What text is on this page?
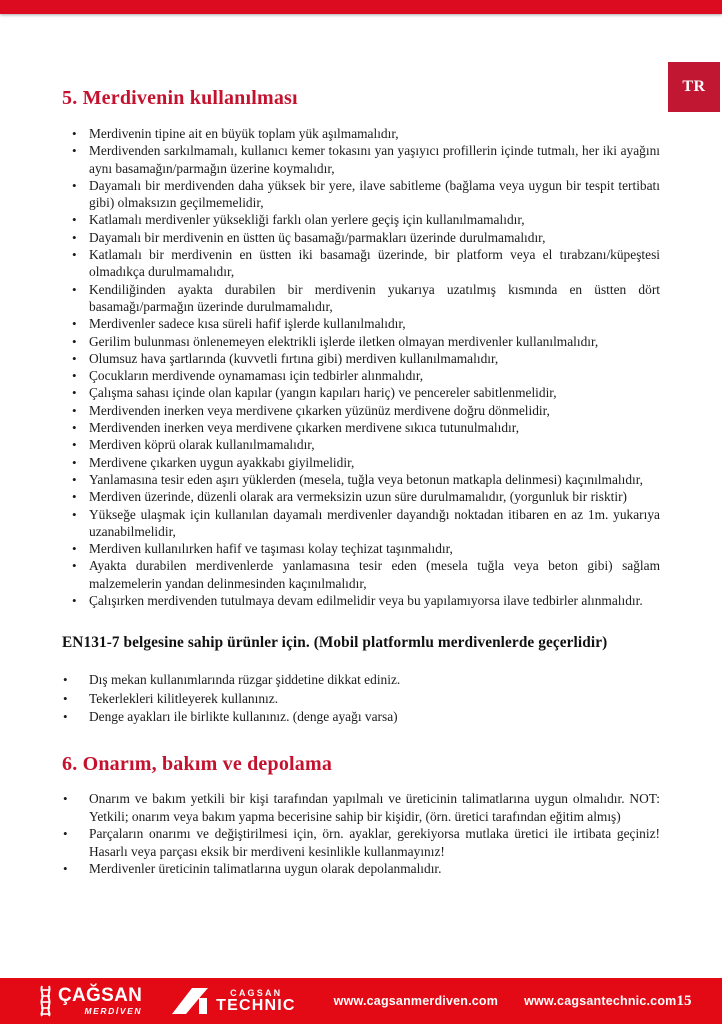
TR
5. Merdivenin kullanılması
• Merdivenin tipine ait en büyük toplam yük aşılmamalıdır,
• Merdivenden sarkılmamalı, kullanıcı kemer tokasını yan yaşıyıcı profillerin içinde tutmalı, her iki ayağını aynı basamağın/parmağın üzerine koymalıdır,
• Dayamalı bir merdivenden daha yüksek bir yere, ilave sabitleme (bağlama veya uygun bir tespit tertibatı gibi) olmaksızın geçilmemelidir,
• Katlamalı merdivenler yüksekliği farklı olan yerlere geçiş için kullanılmamalıdır,
• Dayamalı bir merdivenin en üstten üç basamağı/parmakları üzerinde durulmamalıdır,
• Katlamalı bir merdivenin en üstten iki basamağı üzerinde, bir platform veya el tırabzanı/küpeştesi olmadıkça durulmamalıdır,
• Kendiliğinden ayakta durabilen bir merdivenin yukarıya uzatılmış kısmında en üstten dört basamağı/parmağın üzerinde durulmamalıdır,
• Merdivenler sadece kısa süreli hafif işlerde kullanılmalıdır,
• Gerilim bulunması önlenemeyen elektrikli işlerde iletken olmayan merdivenler kullanılmalıdır,
• Olumsuz hava şartlarında (kuvvetli fırtına gibi) merdiven kullanılmamalıdır,
• Çocukların merdivende oynamaması için tedbirler alınmalıdır,
• Çalışma sahası içinde olan kapılar (yangın kapıları hariç) ve pencereler sabitlenmelidir,
• Merdivenden inerken veya merdivene çıkarken yüzünüz merdivene doğru dönmelidir,
• Merdivenden inerken veya merdivene çıkarken merdivene sıkıca tutunulmalıdır,
• Merdiven köprü olarak kullanılmamalıdır,
• Merdivene çıkarken uygun ayakkabı giyilmelidir,
• Yanlamasına tesir eden aşırı yüklerden (mesela, tuğla veya betonun matkapla delinmesi) kaçınılmalıdır,
• Merdiven üzerinde, düzenli olarak ara vermeksizin uzun süre durulmamalıdır, (yorgunluk bir risktir)
• Yükseğe ulaşmak için kullanılan dayamalı merdivenler dayandığı noktadan itibaren en az 1m. yukarıya uzanabilmelidir,
• Merdiven kullanılırken hafif ve taşıması kolay teçhizat taşınmalıdır,
• Ayakta durabilen merdivenlerde yanlamasına tesir eden (mesela tuğla veya beton gibi) sağlam malzemelerin yandan delinmesinden kaçınılmalıdır,
• Çalışırken merdivenden tutulmaya devam edilmelidir veya bu yapılamıyorsa ilave tedbirler alınmalıdır.
EN131-7 belgesine sahip ürünler için. (Mobil platformlu merdivenlerde geçerlidir)
• Dış mekan kullanımlarında rüzgar şiddetine dikkat ediniz.
• Tekerlekleri kilitleyerek kullanınız.
• Denge ayakları ile birlikte kullanınız. (denge ayağı varsa)
6. Onarım, bakım ve depolama
• Onarım ve bakım yetkili bir kişi tarafından yapılmalı ve üreticinin talimatlarına uygun olmalıdır. NOT: Yetkili; onarım veya bakım yapma becerisine sahip bir kişidir, (örn. üretici tarafından eğitim almış)
• Parçaların onarımı ve değiştirilmesi için, örn. ayaklar, gerekiyorsa mutlaka üretici ile irtibata geçiniz! Hasarlı veya parçası eksik bir merdiveni kesinlikle kullanmayınız!
• Merdivenler üreticinin talimatlarına uygun olarak depolanmalıdır.
ÇAĞSAN
MERDİVEN
CAGSAN
TECHNIC	www.cagsanmerdiven.com www.cagsantechnic.com 15
